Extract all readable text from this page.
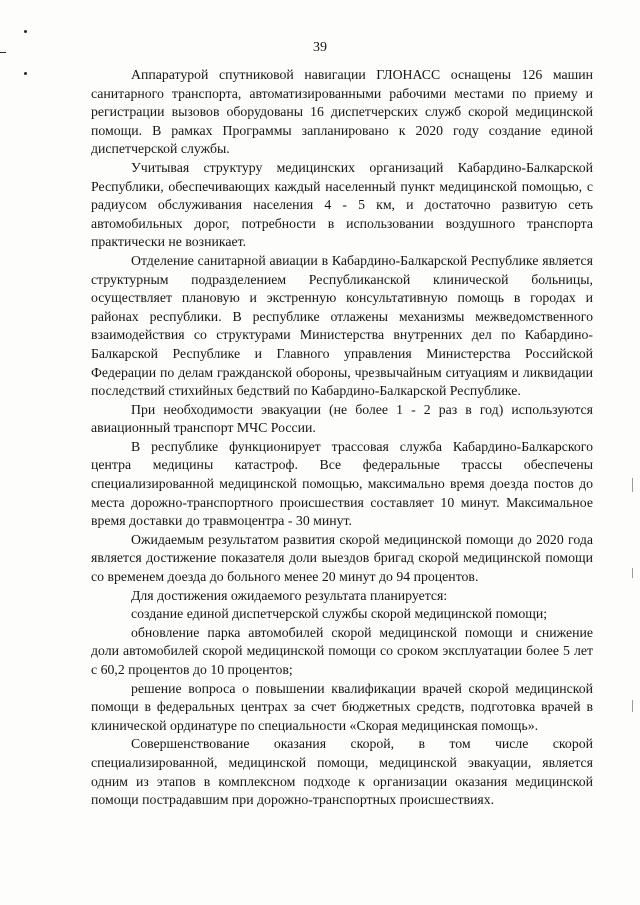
39

Аппаратурой спутниковой навигации ГЛОНАСС оснащены 126 машин санитарного транспорта, автоматизированными рабочими местами по приему и регистрации вызовов оборудованы 16 диспетчерских служб скорой медицинской помощи. В рамках Программы запланировано к 2020 году создание единой диспетчерской службы.

Учитывая структуру медицинских организаций Кабардино-Балкарской Республики, обеспечивающих каждый населенный пункт медицинской помощью, с радиусом обслуживания населения 4 - 5 км, и достаточно развитую сеть автомобильных дорог, потребности в использовании воздушного транспорта практически не возникает.

Отделение санитарной авиации в Кабардино-Балкарской Республике является структурным подразделением Республиканской клинической больницы, осуществляет плановую и экстренную консультативную помощь в городах и районах республики. В республике отлажены механизмы межведомственного взаимодействия со структурами Министерства внутренних дел по Кабардино-Балкарской Республике и Главного управления Министерства Российской Федерации по делам гражданской обороны, чрезвычайным ситуациям и ликвидации последствий стихийных бедствий по Кабардино-Балкарской Республике.

При необходимости эвакуации (не более 1 - 2 раз в год) используются авиационный транспорт МЧС России.

В республике функционирует трассовая служба Кабардино-Балкарского центра медицины катастроф. Все федеральные трассы обеспечены специализированной медицинской помощью, максимально время доезда постов до места дорожно-транспортного происшествия составляет 10 минут. Максимальное время доставки до травмоцентра - 30 минут.

Ожидаемым результатом развития скорой медицинской помощи до 2020 года является достижение показателя доли выездов бригад скорой медицинской помощи со временем доезда до больного менее 20 минут до 94 процентов.

Для достижения ожидаемого результата планируется:

создание единой диспетчерской службы скорой медицинской помощи;

обновление парка автомобилей скорой медицинской помощи и снижение доли автомобилей скорой медицинской помощи со сроком эксплуатации более 5 лет с 60,2 процентов до 10 процентов;

решение вопроса о повышении квалификации врачей скорой медицинской помощи в федеральных центрах за счет бюджетных средств, подготовка врачей в клинической ординатуре по специальности «Скорая медицинская помощь».

Совершенствование оказания скорой, в том числе скорой специализированной, медицинской помощи, медицинской эвакуации, является одним из этапов в комплексном подходе к организации оказания медицинской помощи пострадавшим при дорожно-транспортных происшествиях.
